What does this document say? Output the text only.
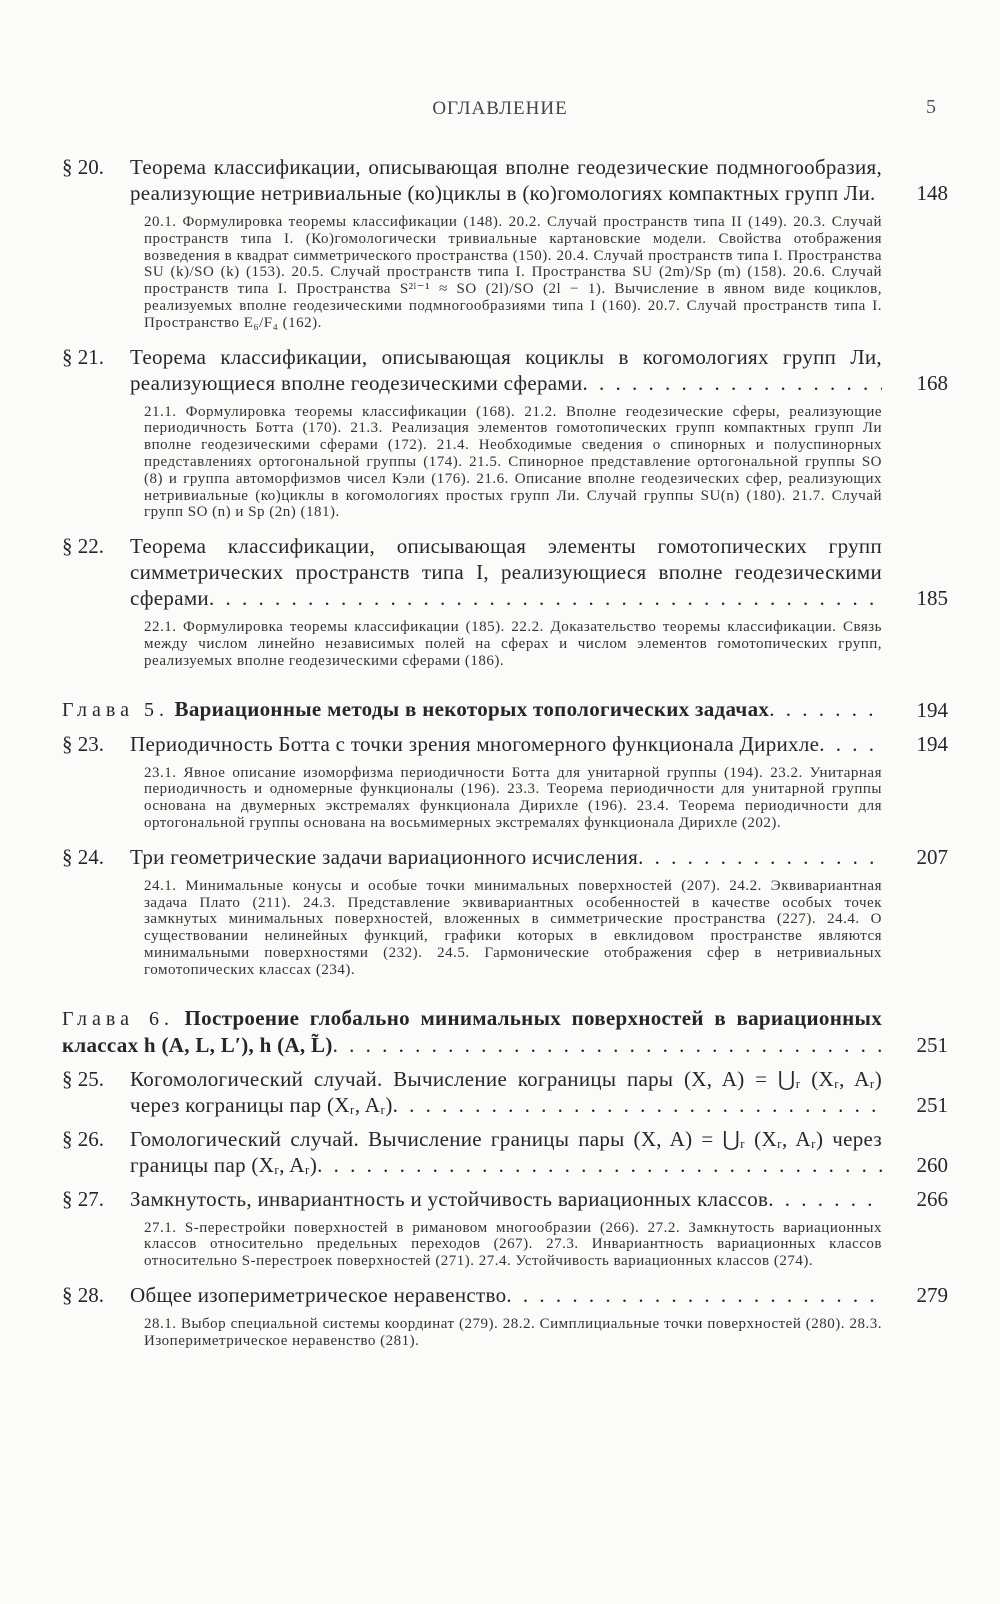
ОГЛАВЛЕНИЕ	5
§ 20.	Теорема классификации, описывающая вполне геодезические подмногообразия, реализующие нетривиальные (ко)циклы в (ко)гомологиях компактных групп Ли	148
20.1. Формулировка теоремы классификации (148). 20.2. Случай пространств типа II (149). 20.3. Случай пространств типа I. (Ко)гомологически тривиальные картановские модели. Свойства отображения возведения в квадрат симметрического пространства (150). 20.4. Случай пространств типа I. Пространства SU (k)/SO (k) (153). 20.5. Случай пространств типа I. Пространства SU (2m)/Sp (m) (158). 20.6. Случай пространств типа I. Пространства S²ˡ⁻¹ ≈ SO (2l)/SO (2l − 1). Вычисление в явном виде коциклов, реализуемых вполне геодезическими подмногообразиями типа I (160). 20.7. Случай пространств типа I. Пространство E₆/F₄ (162).
§ 21.	Теорема классификации, описывающая коциклы в когомологиях групп Ли, реализующиеся вполне геодезическими сферами	168
21.1. Формулировка теоремы классификации (168). 21.2. Вполне геодезические сферы, реализующие периодичность Ботта (170). 21.3. Реализация элементов гомотопических групп компактных групп Ли вполне геодезическими сферами (172). 21.4. Необходимые сведения о спинорных и полуспинорных представлениях ортогональной группы (174). 21.5. Спинорное представление ортогональной группы SO (8) и группа автоморфизмов чисел Кэли (176). 21.6. Описание вполне геодезических сфер, реализующих нетривиальные (ко)циклы в когомологиях простых групп Ли. Случай группы SU(n) (180). 21.7. Случай групп SO (n) и Sp (2n) (181).
§ 22.	Теорема классификации, описывающая элементы гомотопических групп симметрических пространств типа I, реализующиеся вполне геодезическими сферами	185
22.1. Формулировка теоремы классификации (185). 22.2. Доказательство теоремы классификации. Связь между числом линейно независимых полей на сферах и числом элементов гомотопических групп, реализуемых вполне геодезическими сферами (186).
Глава 5. Вариационные методы в некоторых топологических задачах	194
§ 23.	Периодичность Ботта с точки зрения многомерного функционала Дирихле	194
23.1. Явное описание изоморфизма периодичности Ботта для унитарной группы (194). 23.2. Унитарная периодичность и одномерные функционалы (196). 23.3. Теорема периодичности для унитарной группы основана на двумерных экстремалях функционала Дирихле (196). 23.4. Теорема периодичности для ортогональной группы основана на восьмимерных экстремалях функционала Дирихле (202).
§ 24.	Три геометрические задачи вариационного исчисления	207
24.1. Минимальные конусы и особые точки минимальных поверхностей (207). 24.2. Эквивариантная задача Плато (211). 24.3. Представление эквивариантных особенностей в качестве особых точек замкнутых минимальных поверхностей, вложенных в симметрические пространства (227). 24.4. О существовании нелинейных функций, графики которых в евклидовом пространстве являются минимальными поверхностями (232). 24.5. Гармонические отображения сфер в нетривиальных гомотопических классах (234).
Глава 6. Построение глобально минимальных поверхностей в вариационных классах h (A, L, L′), h (A, L̃)	251
§ 25.	Когомологический случай. Вычисление кограницы пары (X, A) = ⋃ᵣ (Xᵣ, Aᵣ) через кограницы пар (Xᵣ, Aᵣ)	251
§ 26.	Гомологический случай. Вычисление границы пары (X, A) = ⋃ᵣ (Xᵣ, Aᵣ) через границы пар (Xᵣ, Aᵣ)	260
§ 27.	Замкнутость, инвариантность и устойчивость вариационных классов	266
27.1. S-перестройки поверхностей в римановом многообразии (266). 27.2. Замкнутость вариационных классов относительно предельных переходов (267). 27.3. Инвариантность вариационных классов относительно S-перестроек поверхностей (271). 27.4. Устойчивость вариационных классов (274).
§ 28.	Общее изопериметрическое неравенство	279
28.1. Выбор специальной системы координат (279). 28.2. Симплициальные точки поверхностей (280). 28.3. Изопериметрическое неравенство (281).
